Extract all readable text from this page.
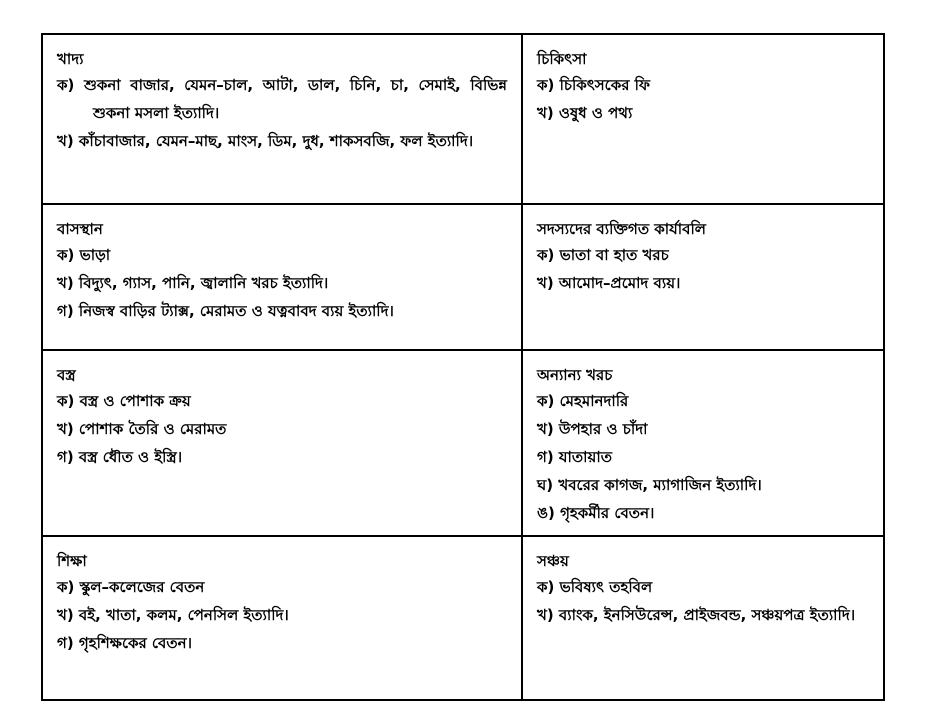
খাদ্য
ক) শুকনা বাজার, যেমন–চাল, আটা, ডাল, চিনি, চা, সেমাই, বিভিন্ন শুকনা মসলা ইত্যাদি।
খ) কাঁচাবাজার, যেমন–মাছ, মাংস, ডিম, দুধ, শাকসবজি, ফল ইত্যাদি।
চিকিৎসা
ক) চিকিৎসকের ফি
খ) ওষুধ ও পথ্য
বাসস্থান
ক) ভাড়া
খ) বিদ্যুৎ, গ্যাস, পানি, জ্বালানি খরচ ইত্যাদি।
গ) নিজস্ব বাড়ির ট্যাক্স, মেরামত ও যত্নবাবদ ব্যয় ইত্যাদি।
সদস্যদের ব্যক্তিগত কার্যাবলি
ক) ভাতা বা হাত খরচ
খ) আমোদ–প্রমোদ ব্যয়।
বস্ত্র
ক) বস্ত্র ও পোশাক ক্রয়
খ) পোশাক তৈরি ও মেরামত
গ) বস্ত্র ধৌত ও ইস্ত্রি।
অন্যান্য খরচ
ক) মেহমানদারি
খ) উপহার ও চাঁদা
গ) যাতায়াত
ঘ) খবরের কাগজ, ম্যাগাজিন ইত্যাদি।
ঙ) গৃহকর্মীর বেতন।
শিক্ষা
ক) স্কুল–কলেজের বেতন
খ) বই, খাতা, কলম, পেনসিল ইত্যাদি।
গ) গৃহশিক্ষকের বেতন।
সঞ্চয়
ক) ভবিষ্যৎ তহবিল
খ) ব্যাংক, ইনসিউরেন্স, প্রাইজবন্ড, সঞ্চয়পত্র ইত্যাদি।
